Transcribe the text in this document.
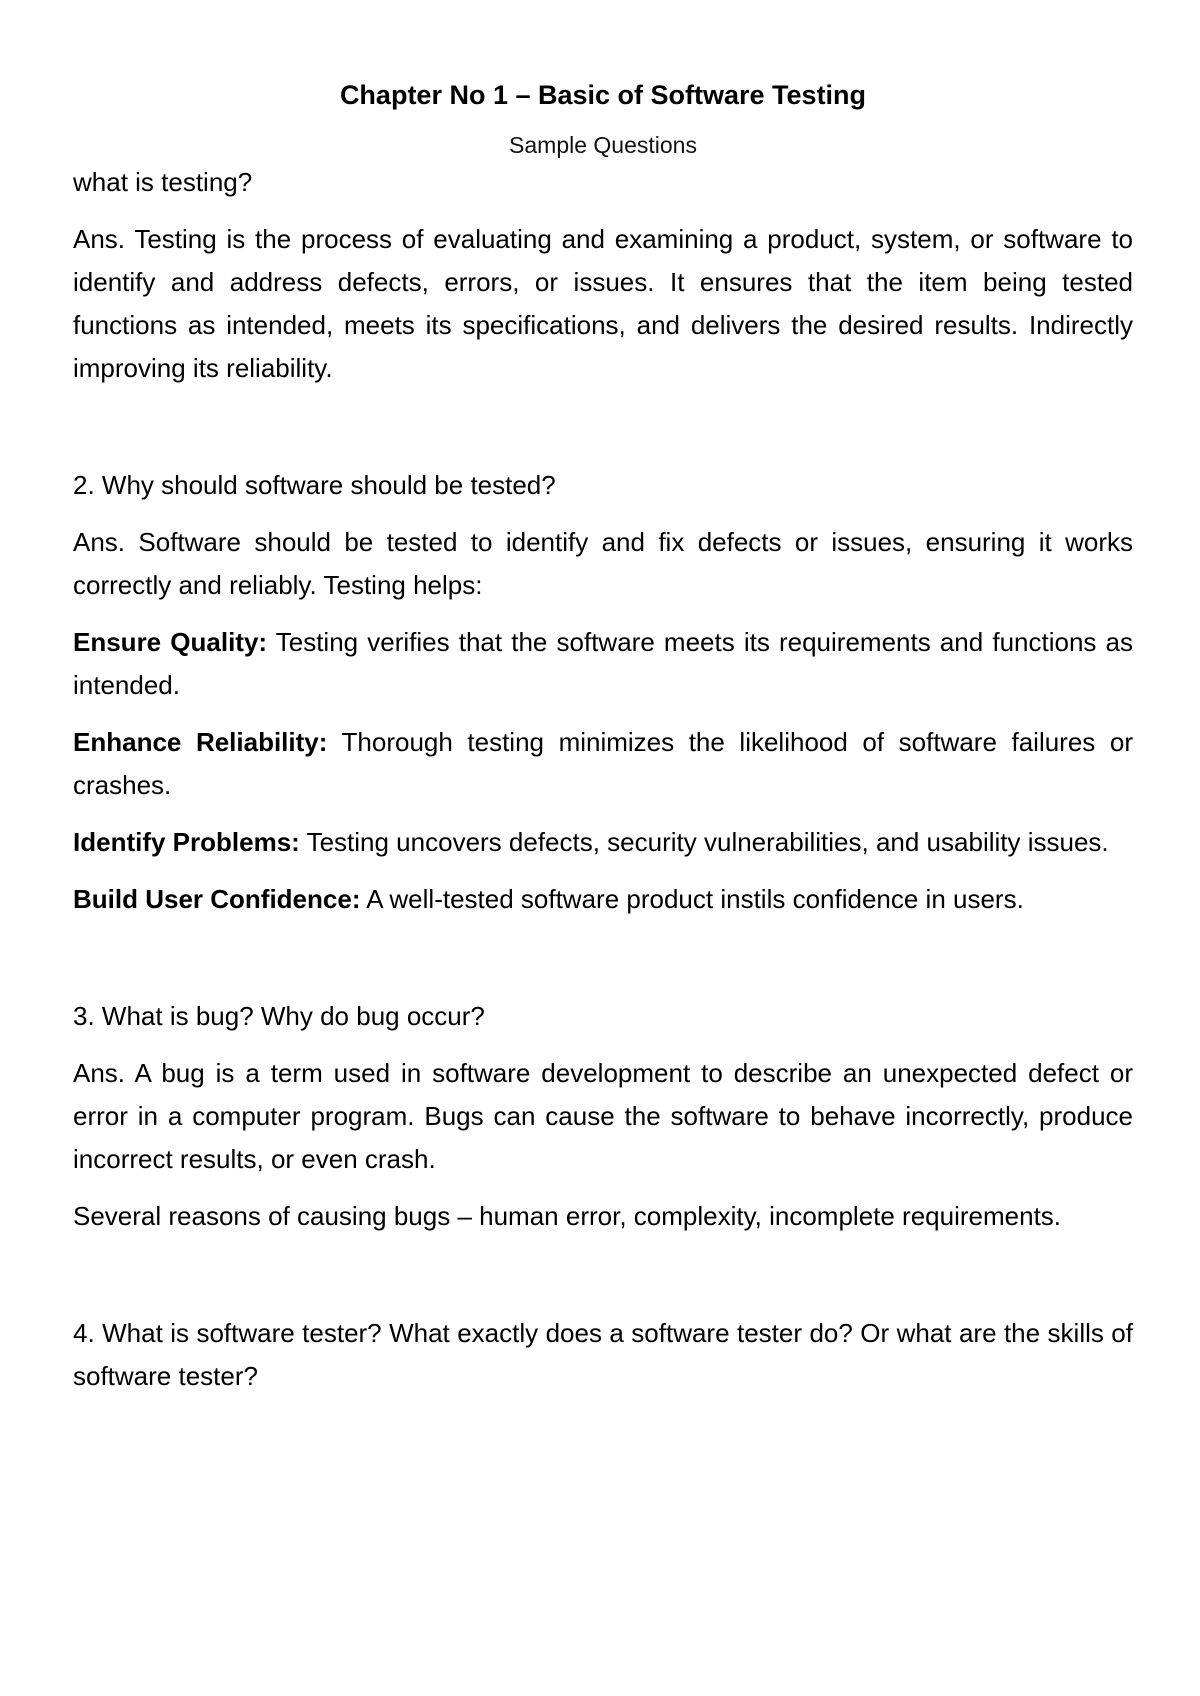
Chapter No 1 – Basic of Software Testing
Sample Questions

what is testing?

Ans. Testing is the process of evaluating and examining a product, system, or software to identify and address defects, errors, or issues. It ensures that the item being tested functions as intended, meets its specifications, and delivers the desired results. Indirectly improving its reliability.

2. Why should software should be tested?

Ans. Software should be tested to identify and fix defects or issues, ensuring it works correctly and reliably. Testing helps:

Ensure Quality: Testing verifies that the software meets its requirements and functions as intended.

Enhance Reliability: Thorough testing minimizes the likelihood of software failures or crashes.

Identify Problems: Testing uncovers defects, security vulnerabilities, and usability issues.

Build User Confidence: A well-tested software product instils confidence in users.

3. What is bug? Why do bug occur?

Ans. A bug is a term used in software development to describe an unexpected defect or error in a computer program. Bugs can cause the software to behave incorrectly, produce incorrect results, or even crash.

Several reasons of causing bugs – human error, complexity, incomplete requirements.

4. What is software tester? What exactly does a software tester do? Or what are the skills of software tester?
